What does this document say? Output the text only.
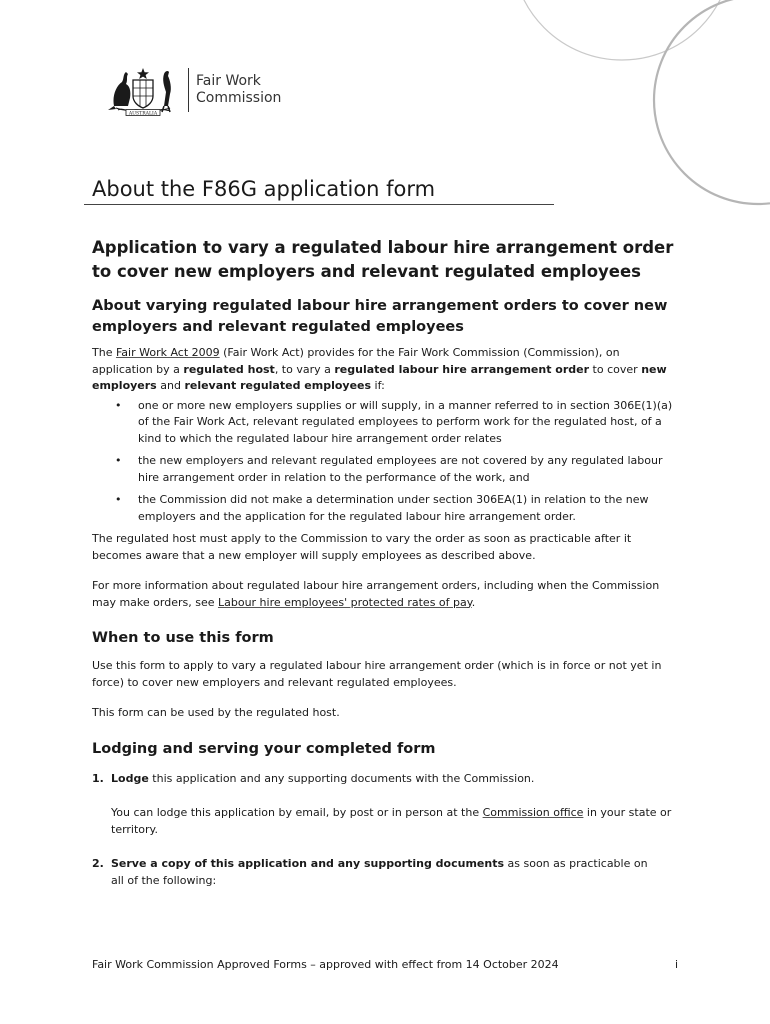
AUSTRALIA
Fair Work
Commission
About the F86G application form
Application to vary a regulated labour hire arrangement order to cover new employers and relevant regulated employees
About varying regulated labour hire arrangement orders to cover new employers and relevant regulated employees

The Fair Work Act 2009 (Fair Work Act) provides for the Fair Work Commission (Commission), on application by a regulated host, to vary a regulated labour hire arrangement order to cover new employers and relevant regulated employees if:

• one or more new employers supplies or will supply, in a manner referred to in section 306E(1)(a) of the Fair Work Act, relevant regulated employees to perform work for the regulated host, of a kind to which the regulated labour hire arrangement order relates
• the new employers and relevant regulated employees are not covered by any regulated labour hire arrangement order in relation to the performance of the work, and
• the Commission did not make a determination under section 306EA(1) in relation to the new employers and the application for the regulated labour hire arrangement order.

The regulated host must apply to the Commission to vary the order as soon as practicable after it becomes aware that a new employer will supply employees as described above.

For more information about regulated labour hire arrangement orders, including when the Commission may make orders, see Labour hire employees' protected rates of pay.

When to use this form

Use this form to apply to vary a regulated labour hire arrangement order (which is in force or not yet in force) to cover new employers and relevant regulated employees.

This form can be used by the regulated host.

Lodging and serving your completed form
1. Lodge this application and any supporting documents with the Commission.
You can lodge this application by email, by post or in person at the Commission office in your state or territory.
2. Serve a copy of this application and any supporting documents as soon as practicable on
all of the following:
Fair Work Commission Approved Forms – approved with effect from 14 October 2024	i
